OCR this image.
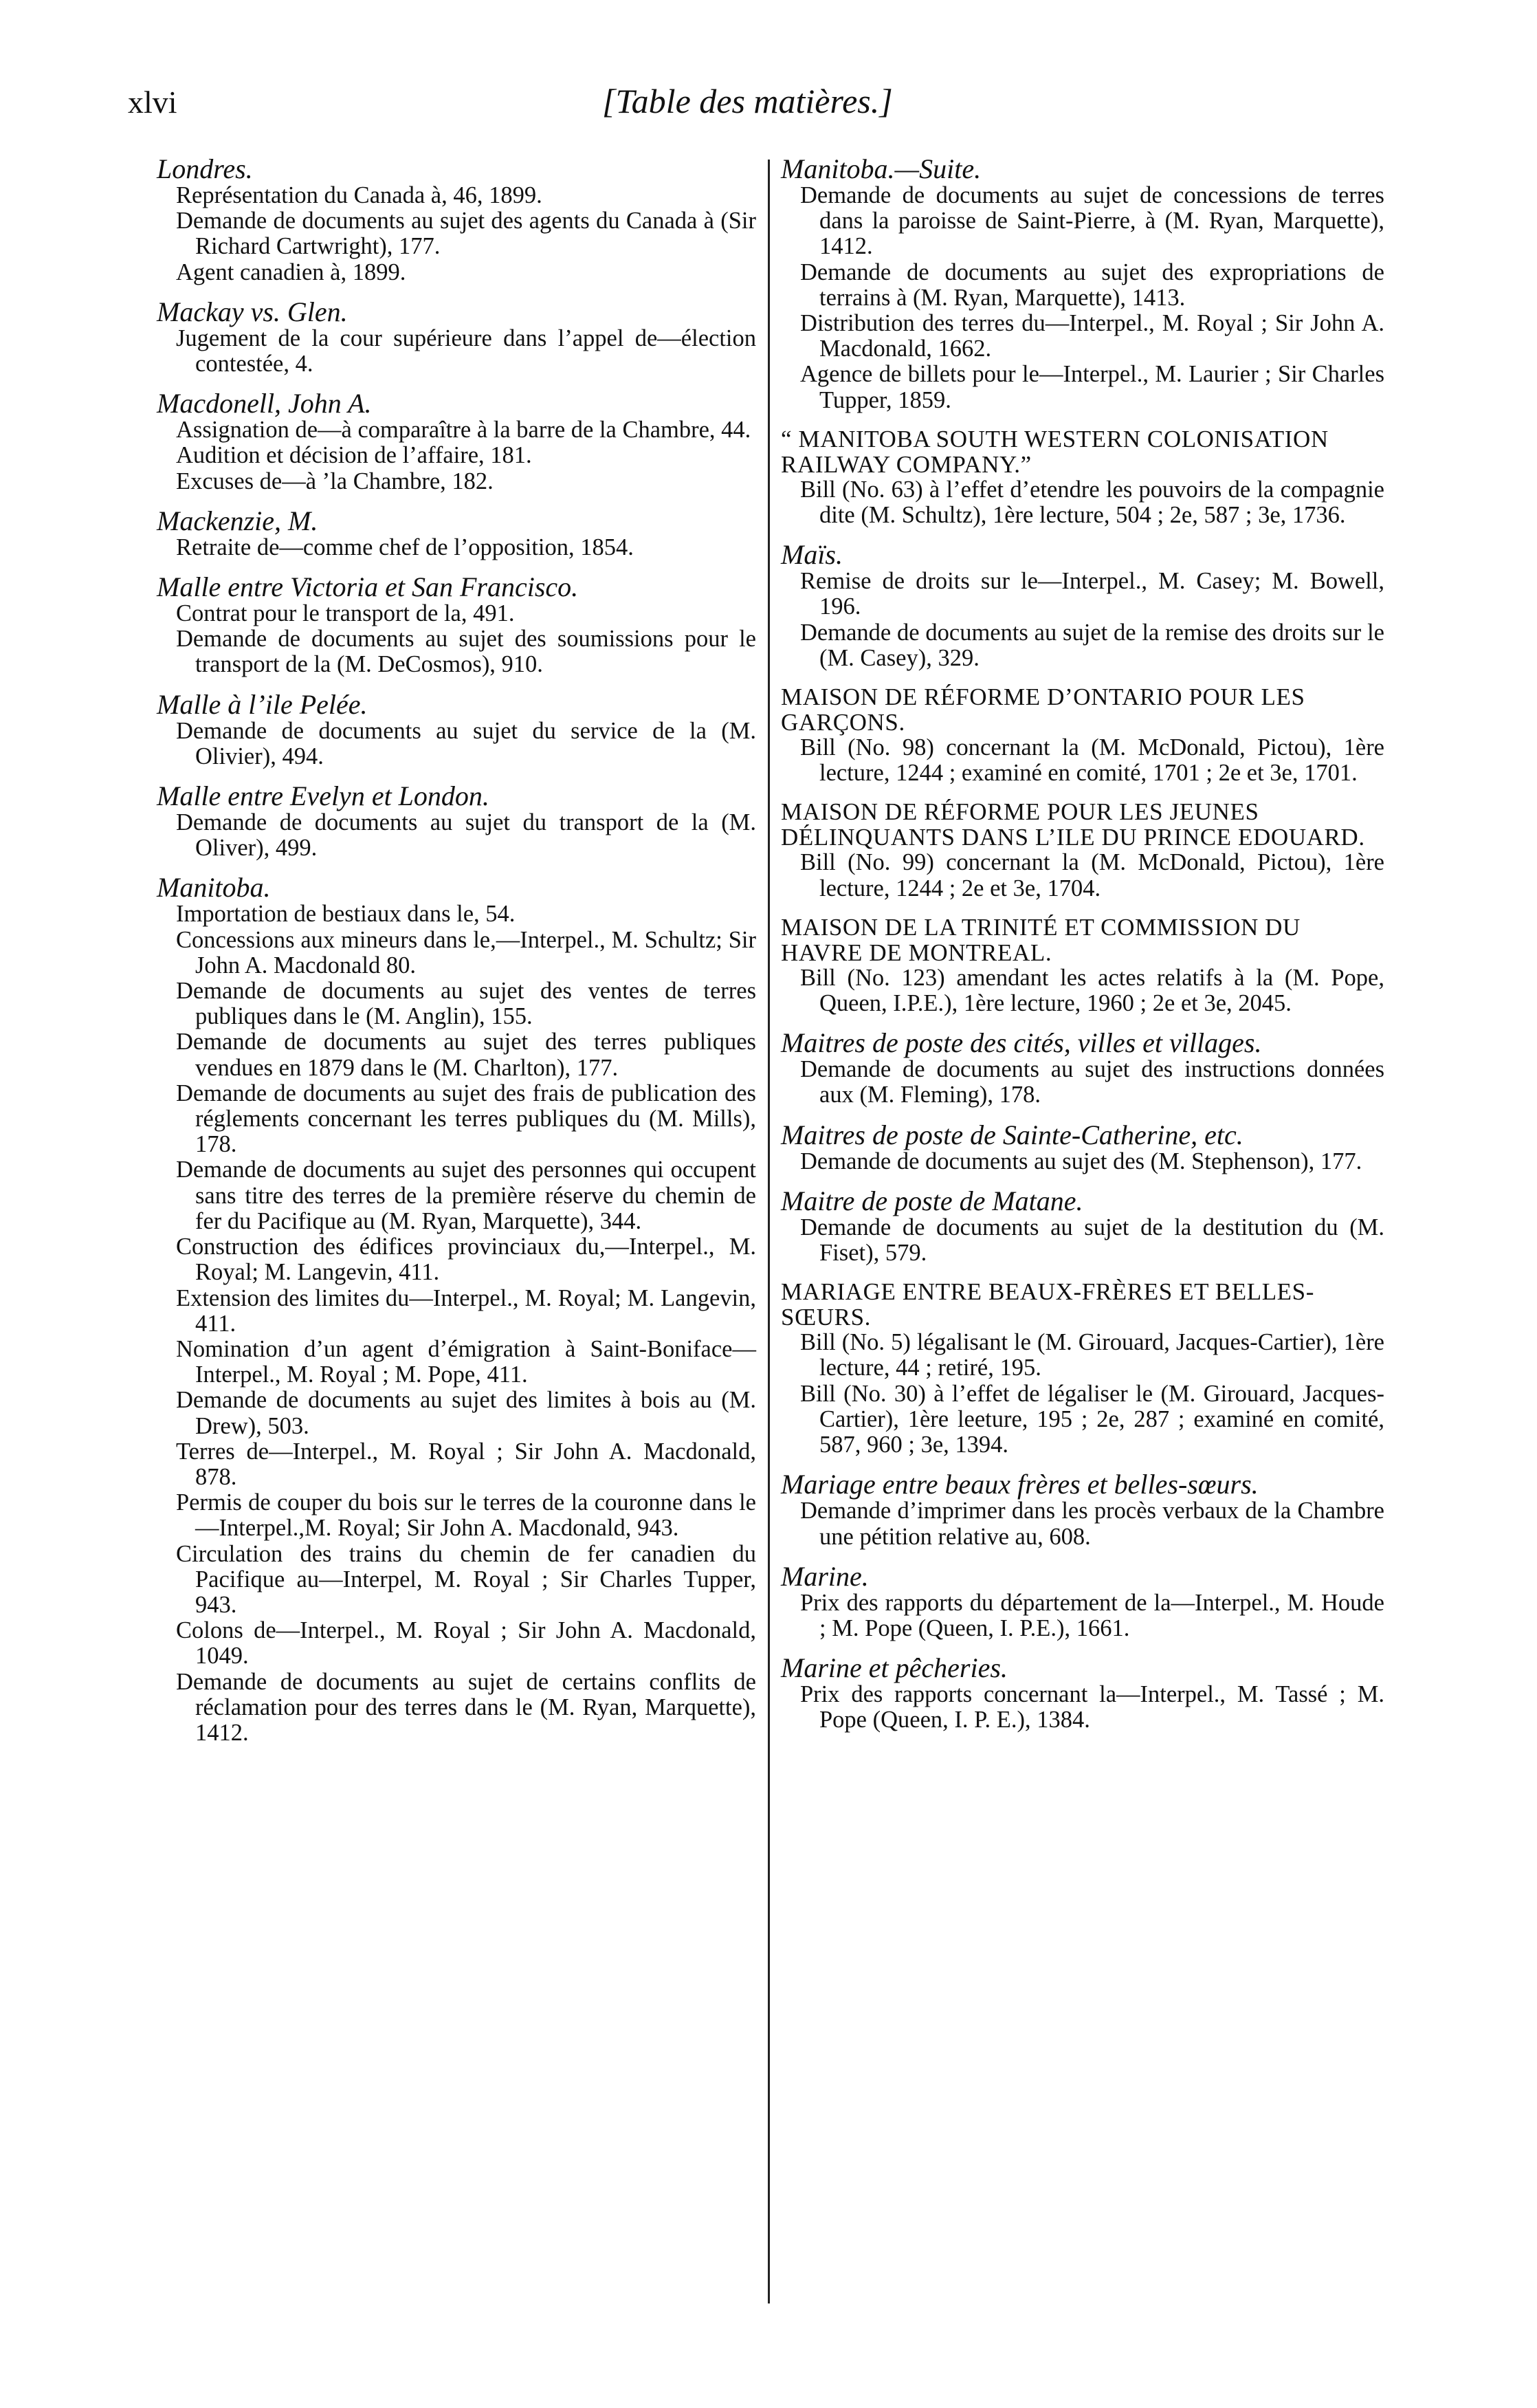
xlvi	[Table des matières.]
Londres.
Représentation du Canada à, 46, 1899.
Demande de documents au sujet des agents du Canada à (Sir Richard Cartwright), 177.
Agent canadien à, 1899.
Mackay vs. Glen.
Jugement de la cour supérieure dans l’appel de—élection contestée, 4.
Macdonell, John A.
Assignation de—à comparaître à la barre de la Chambre, 44.
Audition et décision de l’affaire, 181.
Excuses de—à ’la Chambre, 182.
Mackenzie, M.
Retraite de—comme chef de l’opposition, 1854.
Malle entre Victoria et San Francisco.
Contrat pour le transport de la, 491.
Demande de documents au sujet des soumissions pour le transport de la (M. DeCosmos), 910.
Malle à l’ile Pelée.
Demande de documents au sujet du service de la (M. Olivier), 494.
Malle entre Evelyn et London.
Demande de documents au sujet du transport de la (M. Oliver), 499.
Manitoba.
Importation de bestiaux dans le, 54.
Concessions aux mineurs dans le,—Interpel., M. Schultz; Sir John A. Macdonald 80.
Demande de documents au sujet des ventes de terres publiques dans le (M. Anglin), 155.
Demande de documents au sujet des terres publiques vendues en 1879 dans le (M. Charlton), 177.
Demande de documents au sujet des frais de publication des réglements concernant les terres publiques du (M. Mills), 178.
Demande de documents au sujet des personnes qui occupent sans titre des terres de la première réserve du chemin de fer du Pacifique au (M. Ryan, Marquette), 344.
Construction des édifices provinciaux du,—Interpel., M. Royal; M. Langevin, 411.
Extension des limites du—Interpel., M. Royal; M. Langevin, 411.
Nomination d’un agent d’émigration à Saint-Boniface—Interpel., M. Royal ; M. Pope, 411.
Demande de documents au sujet des limites à bois au (M. Drew), 503.
Terres de—Interpel., M. Royal ; Sir John A. Macdonald, 878.
Permis de couper du bois sur le terres de la couronne dans le—Interpel.,M. Royal; Sir John A. Macdonald, 943.
Circulation des trains du chemin de fer canadien du Pacifique au—Interpel, M. Royal ; Sir Charles Tupper, 943.
Colons de—Interpel., M. Royal ; Sir John A. Macdonald, 1049.
Demande de documents au sujet de certains conflits de réclamation pour des terres dans le (M. Ryan, Marquette), 1412.
Manitoba.—Suite.
Demande de documents au sujet de concessions de terres dans la paroisse de Saint-Pierre, à (M. Ryan, Marquette), 1412.
Demande de documents au sujet des expropriations de terrains à (M. Ryan, Marquette), 1413.
Distribution des terres du—Interpel., M. Royal ; Sir John A. Macdonald, 1662.
Agence de billets pour le—Interpel., M. Laurier ; Sir Charles Tupper, 1859.
“ MANITOBA SOUTH WESTERN COLONISATION RAILWAY COMPANY.”
Bill (No. 63) à l’effet d’etendre les pouvoirs de la compagnie dite (M. Schultz), 1ère lecture, 504 ; 2e, 587 ; 3e, 1736.
Maïs.
Remise de droits sur le—Interpel., M. Casey; M. Bowell, 196.
Demande de documents au sujet de la remise des droits sur le (M. Casey), 329.
MAISON DE RÉFORME D’ONTARIO POUR LES GARÇONS.
Bill (No. 98) concernant la (M. McDonald, Pictou), 1ère lecture, 1244 ; examiné en comité, 1701 ; 2e et 3e, 1701.
MAISON DE RÉFORME POUR LES JEUNES DÉLINQUANTS DANS L’ILE DU PRINCE EDOUARD.
Bill (No. 99) concernant la (M. McDonald, Pictou), 1ère lecture, 1244 ; 2e et 3e, 1704.
MAISON DE LA TRINITÉ ET COMMISSION DU HAVRE DE MONTREAL.
Bill (No. 123) amendant les actes relatifs à la (M. Pope, Queen, I.P.E.), 1ère lecture, 1960 ; 2e et 3e, 2045.
Maitres de poste des cités, villes et villages.
Demande de documents au sujet des instructions données aux (M. Fleming), 178.
Maitres de poste de Sainte-Catherine, etc.
Demande de documents au sujet des (M. Stephenson), 177.
Maitre de poste de Matane.
Demande de documents au sujet de la destitution du (M. Fiset), 579.
MARIAGE ENTRE BEAUX-FRÈRES ET BELLES-SŒURS.
Bill (No. 5) légalisant le (M. Girouard, Jacques-Cartier), 1ère lecture, 44 ; retiré, 195.
Bill (No. 30) à l’effet de légaliser le (M. Girouard, Jacques-Cartier), 1ère leeture, 195 ; 2e, 287 ; examiné en comité, 587, 960 ; 3e, 1394.
Mariage entre beaux frères et belles-sœurs.
Demande d’imprimer dans les procès verbaux de la Chambre une pétition relative au, 608.
Marine.
Prix des rapports du département de la—Interpel., M. Houde ; M. Pope (Queen, I. P.E.), 1661.
Marine et pêcheries.
Prix des rapports concernant la—Interpel., M. Tassé ; M. Pope (Queen, I. P. E.), 1384.
